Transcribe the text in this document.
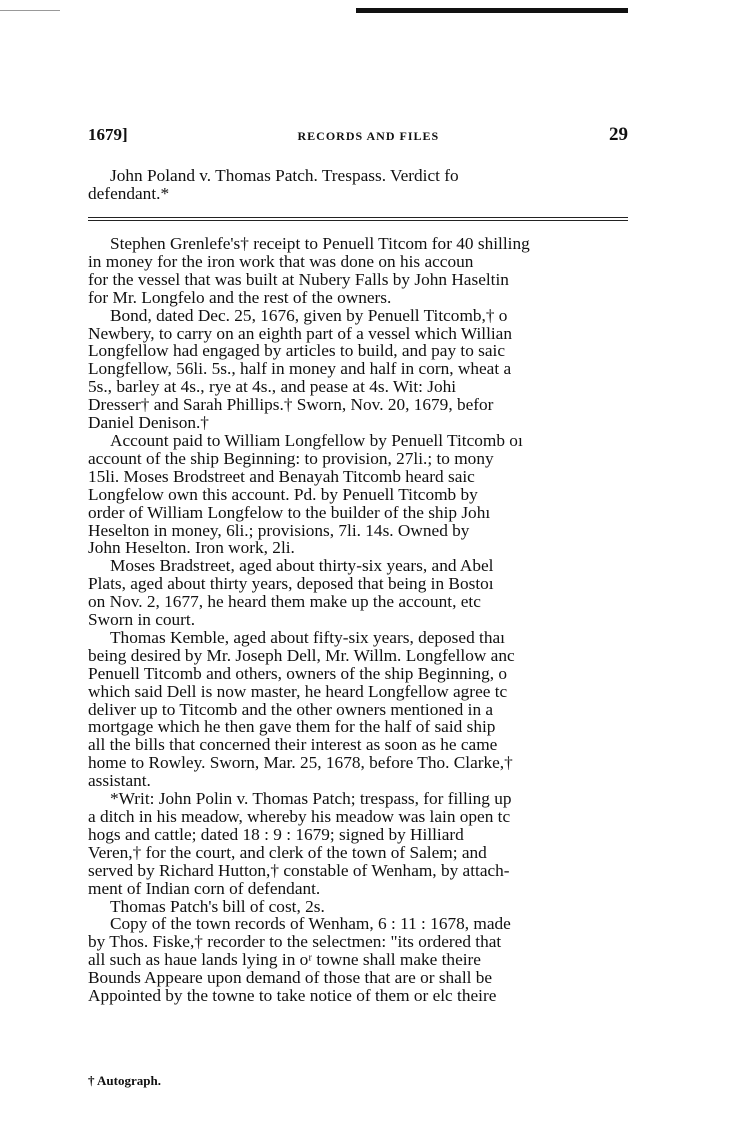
1679]	RECORDS AND FILES	29

John Poland v. Thomas Patch. Trespass. Verdict fo
defendant.*

Stephen Grenlefe's† receipt to Penuell Titcom for 40 shilling
in money for the iron work that was done on his accoun
for the vessel that was built at Nubery Falls by John Haseltin
for Mr. Longfelo and the rest of the owners.

Bond, dated Dec. 25, 1676, given by Penuell Titcomb,† o
Newbery, to carry on an eighth part of a vessel which Willian
Longfellow had engaged by articles to build, and pay to saic
Longfellow, 56li. 5s., half in money and half in corn, wheat a
5s., barley at 4s., rye at 4s., and pease at 4s. Wit: Johi
Dresser† and Sarah Phillips.† Sworn, Nov. 20, 1679, befor
Daniel Denison.†

Account paid to William Longfellow by Penuell Titcomb oı
account of the ship Beginning: to provision, 27li.; to mony
15li. Moses Brodstreet and Benayah Titcomb heard saic
Longfelow own this account. Pd. by Penuell Titcomb by
order of William Longfelow to the builder of the ship Johı
Heselton in money, 6li.; provisions, 7li. 14s. Owned by
John Heselton. Iron work, 2li.

Moses Bradstreet, aged about thirty-six years, and Abel
Plats, aged about thirty years, deposed that being in Bostoı
on Nov. 2, 1677, he heard them make up the account, etc
Sworn in court.

Thomas Kemble, aged about fifty-six years, deposed thaı
being desired by Mr. Joseph Dell, Mr. Willm. Longfellow anc
Penuell Titcomb and others, owners of the ship Beginning, o
which said Dell is now master, he heard Longfellow agree tc
deliver up to Titcomb and the other owners mentioned in a
mortgage which he then gave them for the half of said ship
all the bills that concerned their interest as soon as he came
home to Rowley. Sworn, Mar. 25, 1678, before Tho. Clarke,†
assistant.

*Writ: John Polin v. Thomas Patch; trespass, for filling up
a ditch in his meadow, whereby his meadow was lain open tc
hogs and cattle; dated 18 : 9 : 1679; signed by Hilliard
Veren,† for the court, and clerk of the town of Salem; and
served by Richard Hutton,† constable of Wenham, by attach-
ment of Indian corn of defendant.

Thomas Patch's bill of cost, 2s.

Copy of the town records of Wenham, 6 : 11 : 1678, made
by Thos. Fiske,† recorder to the selectmen: "its ordered that
all such as haue lands lying in oʳ towne shall make theire
Bounds Appeare upon demand of those that are or shall be
Appointed by the towne to take notice of them or elc theire

† Autograph.
